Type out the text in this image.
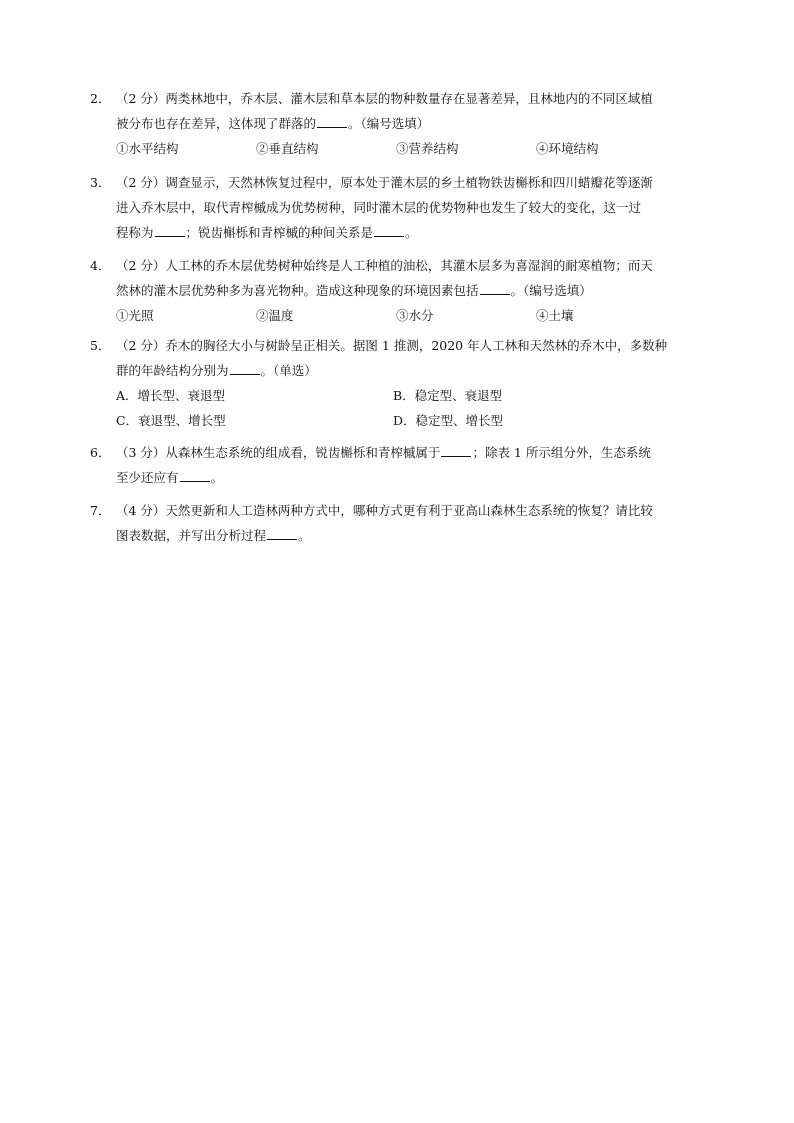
2． （2 分）两类林地中，乔木层、灌木层和草本层的物种数量存在显著差异，且林地内的不同区域植
被分布也存在差异，这体现了群落的	。（编号选填）
①水平结构	②垂直结构	③营养结构	④环境结构
3． （2 分）调查显示，天然林恢复过程中，原本处于灌木层的乡土植物铁齿槲栎和四川蜡瓣花等逐渐
进入乔木层中，取代青榨槭成为优势树种，同时灌木层的优势物种也发生了较大的变化，这一过
程称为	；锐齿槲栎和青榨槭的种间关系是	。
4． （2 分）人工林的乔木层优势树种始终是人工种植的油松，其灌木层多为喜湿润的耐寒植物；而天
然林的灌木层优势种多为喜光物种。造成这种现象的环境因素包括	。（编号选填）
①光照	②温度	③水分	④土壤
5． （2 分）乔木的胸径大小与树龄呈正相关。据图 1 推测，2020 年人工林和天然林的乔木中，多数种
群的年龄结构分别为	。（单选）
A．增长型、衰退型	B．稳定型、衰退型
C．衰退型、增长型	D．稳定型、增长型
6． （3 分）从森林生态系统的组成看，锐齿槲栎和青榨槭属于	；除表 1 所示组分外，生态系统
至少还应有	。
7． （4 分）天然更新和人工造林两种方式中，哪种方式更有利于亚高山森林生态系统的恢复？请比较
图表数据，并写出分析过程	。
